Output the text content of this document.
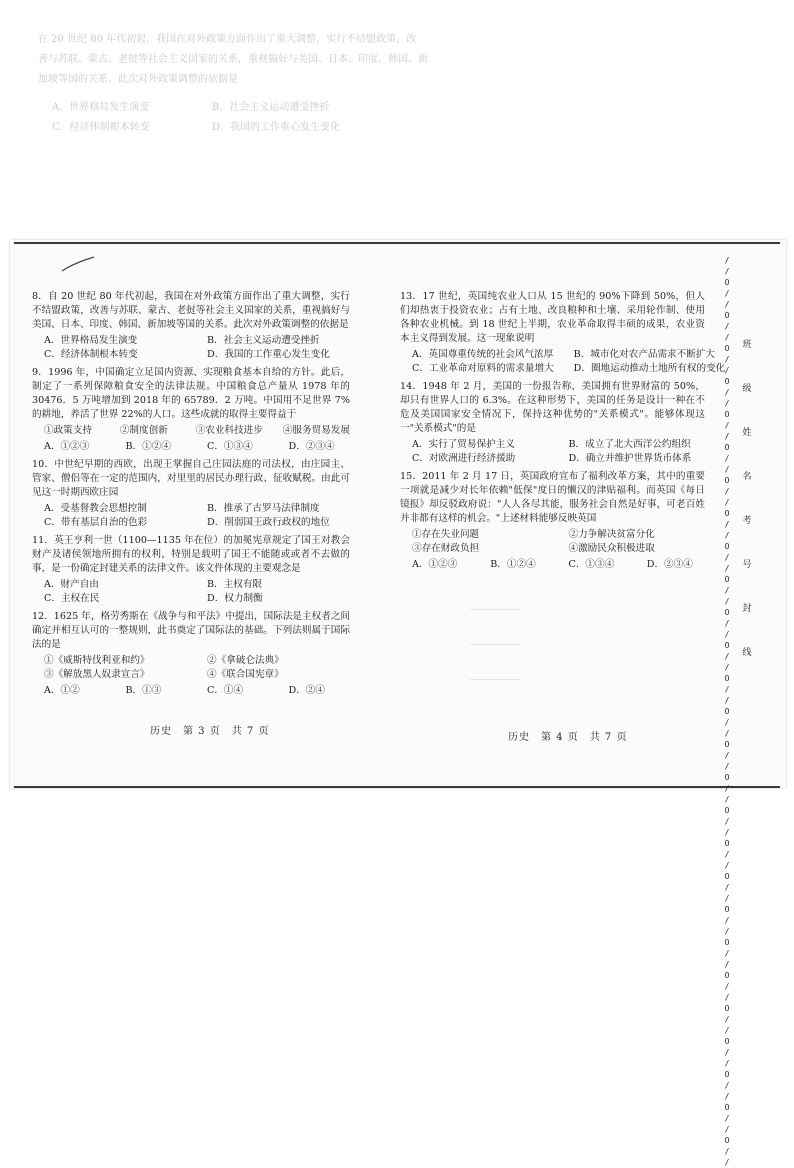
在 20 世纪 80 年代初起，我国在对外政策方面作出了重大调整，实行不结盟政策，改
善与苏联、蒙古、老挝等社会主义国家的关系，重视搞好与美国、日本、印度、韩国、新
加坡等国的关系。此次对外政策调整的依据是
A．世界格局发生演变	B．社会主义运动遭受挫折
C．经济体制根本转变	D．我国的工作重心发生变化
8．自 20 世纪 80 年代初起，我国在对外政策方面作出了重大调整，实行不结盟政策，改善与苏联、蒙古、老挝等社会主义国家的关系，重视搞好与美国、日本、印度、韩国、新加坡等国的关系。此次对外政策调整的依据是
A．世界格局发生演变	B．社会主义运动遭受挫折
C．经济体制根本转变	D．我国的工作重心发生变化
9．1996 年，中国确定立足国内资源、实现粮食基本自给的方针。此后，制定了一系列保障粮食安全的法律法规。中国粮食总产量从 1978 年的 30476．5 万吨增加到 2018 年的 65789．2 万吨。中国用不足世界 7%的耕地，养活了世界 22%的人口。这些成就的取得主要得益于
①政策支持	②制度创新	③农业科技进步	④服务贸易发展
A．①②③	B．①②④	C．①③④	D．②③④
10．中世纪早期的西欧，出现王掌握自己庄园法庭的司法权，由庄园主、管家、僧侣等在一定的范围内，对里里的居民办理行政、征收赋税。由此可见这一时期西欧庄园
A．受基督教会思想控制	B．推承了古罗马法律制度
C．带有基层自治的色彩	D．削弱国王政行政权的地位
11．英王亨利一世（1100—1135 年在位）的加冕宪章规定了国王对教会财产及诸侯领地所拥有的权利，特别是载明了国王不能随或或者不去做的事，是一份确定封建关系的法律文件。该文件体现的主要观念是
A．财产自由	B．主权有限
C．主权在民	D．权力制衡
12．1625 年，格劳秀斯在《战争与和平法》中提出，国际法是主权者之间确定并相互认可的一整规则，此书奠定了国际法的基础。下列法则属于国际法的是
①《威斯特伐利亚和约》	②《拿破仑法典》
③《解放黑人奴隶宣言》	④《联合国宪章》
A．①②	B．①③	C．①④	D．②④
历史　第 3 页　共 7 页
13．17 世纪，英国纯农业人口从 15 世纪的 90%下降到 50%，但人们却热衷于投资农业；占有土地、改良粮种和土壤、采用轮作制、使用各种农业机械。到 18 世纪上半期，农业革命取得丰硕的成果，农业资本主义得到发展。这一现象说明
A．英国尊重传统的社会风气浓厚	B．城市化对农产品需求不断扩大
C．工业革命对原料的需求量增大	D．圈地运动推动土地所有权的变化
14．1948 年 2 月，美国的一份报告称，美国拥有世界财富的 50%，却只有世界人口的 6.3%。在这种形势下，美国的任务是设计一种在不危及美国国家安全情况下，保持这种优势的"关系模式"。能够体现这一"关系模式"的是
A．实行了贸易保护主义	B．成立了北大西洋公约组织
C．对欧洲进行经济援助	D．确立并维护世界货币体系
15．2011 年 2 月 17 日，英国政府宣布了福利改革方案，其中的重要一项就是减少对长年依赖"低保"度日的懒汉的津贴福利。而英国《每日镜报》却反驳政府说："人人各尽其能，服务社会自然是好事，可老百姓并非都有这样的机会。"上述材料能够反映英国
①存在失业问题	②力争解决贫富分化
③存在财政负担	④激励民众积极进取
A．①②③	B．①②④	C．①③④	D．②③④
___________
___________
___________
历史　第 4 页　共 7 页
/ / O / / O / / O / / O / / O / / O / / O / / O / / O / / O / / O / / O / / O / / O / / O / / O / / O / / O / / O / / O / / O / / O / / O / / O / / O / / O / / O / /
班
级
姓
名
考
号
封
线
